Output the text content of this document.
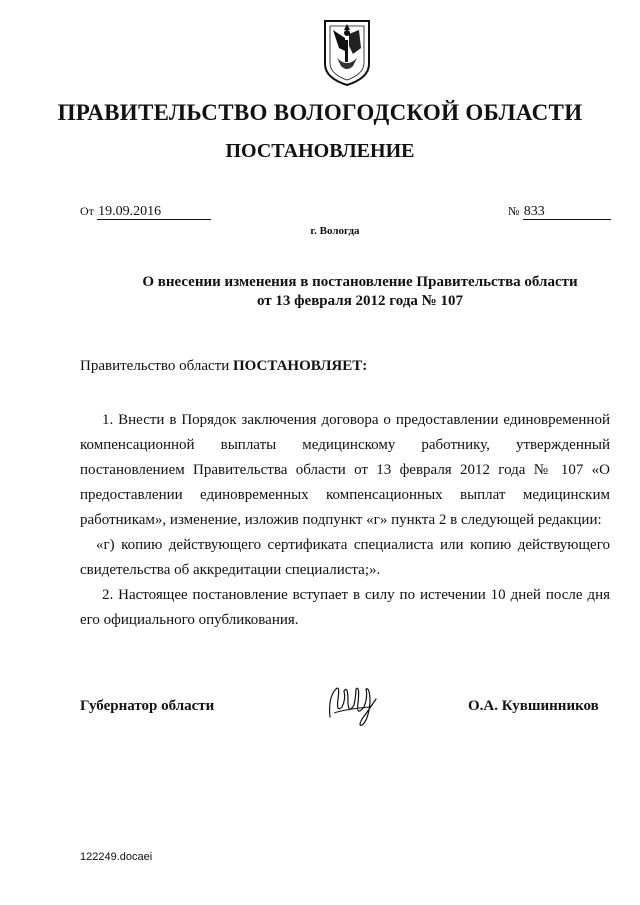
ПРАВИТЕЛЬСТВО ВОЛОГОДСКОЙ ОБЛАСТИ
ПОСТАНОВЛЕНИЕ
От 19.09.2016	№ 833
г. Вологда
О внесении изменения в постановление Правительства области
от 13 февраля 2012 года № 107
Правительство области ПОСТАНОВЛЯЕТ:

1. Внести в Порядок заключения договора о предоставлении единовременной компенсационной выплаты медицинскому работнику, утвержденный постановлением Правительства области от 13 февраля 2012 года № 107 «О предоставлении единовременных компенсационных выплат медицинским работникам», изменение, изложив подпункт «г» пункта 2 в следующей редакции:

«г) копию действующего сертификата специалиста или копию действующего свидетельства об аккредитации специалиста;».

2. Настоящее постановление вступает в силу по истечении 10 дней после дня его официального опубликования.

Губернатор области	О.А. Кувшинников
122249.docaei
